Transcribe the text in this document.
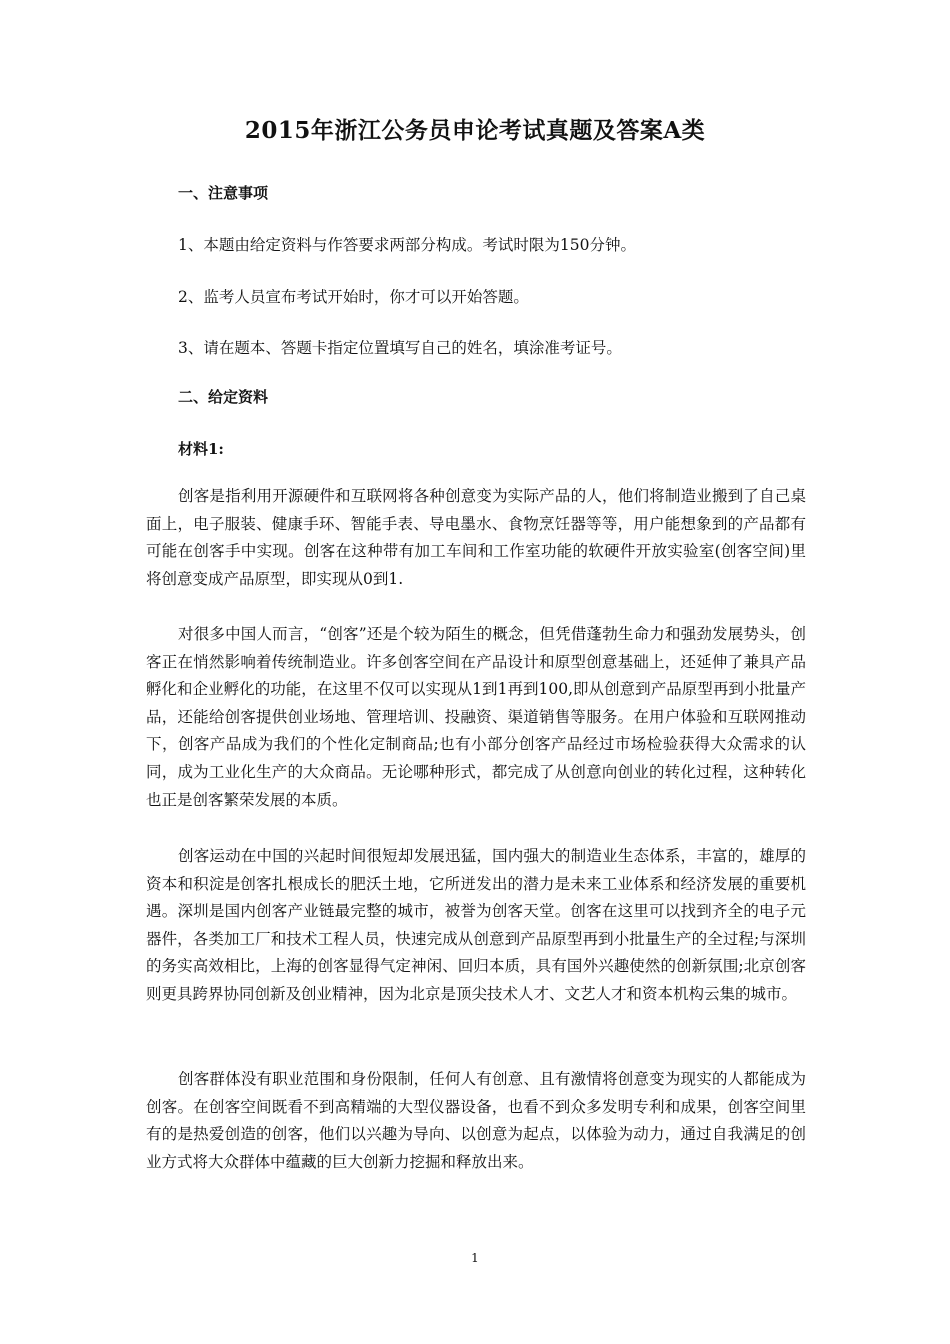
2015年浙江公务员申论考试真题及答案A类
一、注意事项
1、本题由给定资料与作答要求两部分构成。考试时限为150分钟。
2、监考人员宣布考试开始时，你才可以开始答题。
3、请在题本、答题卡指定位置填写自己的姓名，填涂准考证号。
二、给定资料
材料1:
创客是指利用开源硬件和互联网将各种创意变为实际产品的人，他们将制造业搬到了自己桌面上，电子服装、健康手环、智能手表、导电墨水、食物烹饪器等等，用户能想象到的产品都有可能在创客手中实现。创客在这种带有加工车间和工作室功能的软硬件开放实验室(创客空间)里将创意变成产品原型，即实现从0到1.
对很多中国人而言，“创客”还是个较为陌生的概念，但凭借蓬勃生命力和强劲发展势头，创客正在悄然影响着传统制造业。许多创客空间在产品设计和原型创意基础上，还延伸了兼具产品孵化和企业孵化的功能，在这里不仅可以实现从1到1再到100,即从创意到产品原型再到小批量产品，还能给创客提供创业场地、管理培训、投融资、渠道销售等服务。在用户体验和互联网推动下，创客产品成为我们的个性化定制商品;也有小部分创客产品经过市场检验获得大众需求的认同，成为工业化生产的大众商品。无论哪种形式，都完成了从创意向创业的转化过程，这种转化也正是创客繁荣发展的本质。
创客运动在中国的兴起时间很短却发展迅猛，国内强大的制造业生态体系，丰富的，雄厚的资本和积淀是创客扎根成长的肥沃土地，它所迸发出的潜力是未来工业体系和经济发展的重要机遇。深圳是国内创客产业链最完整的城市，被誉为创客天堂。创客在这里可以找到齐全的电子元器件，各类加工厂和技术工程人员，快速完成从创意到产品原型再到小批量生产的全过程;与深圳的务实高效相比，上海的创客显得气定神闲、回归本质，具有国外兴趣使然的创新氛围;北京创客则更具跨界协同创新及创业精神，因为北京是顶尖技术人才、文艺人才和资本机构云集的城市。
创客群体没有职业范围和身份限制，任何人有创意、且有激情将创意变为现实的人都能成为创客。在创客空间既看不到高精端的大型仪器设备，也看不到众多发明专利和成果，创客空间里有的是热爱创造的创客，他们以兴趣为导向、以创意为起点，以体验为动力，通过自我满足的创业方式将大众群体中蕴藏的巨大创新力挖掘和释放出来。
1
